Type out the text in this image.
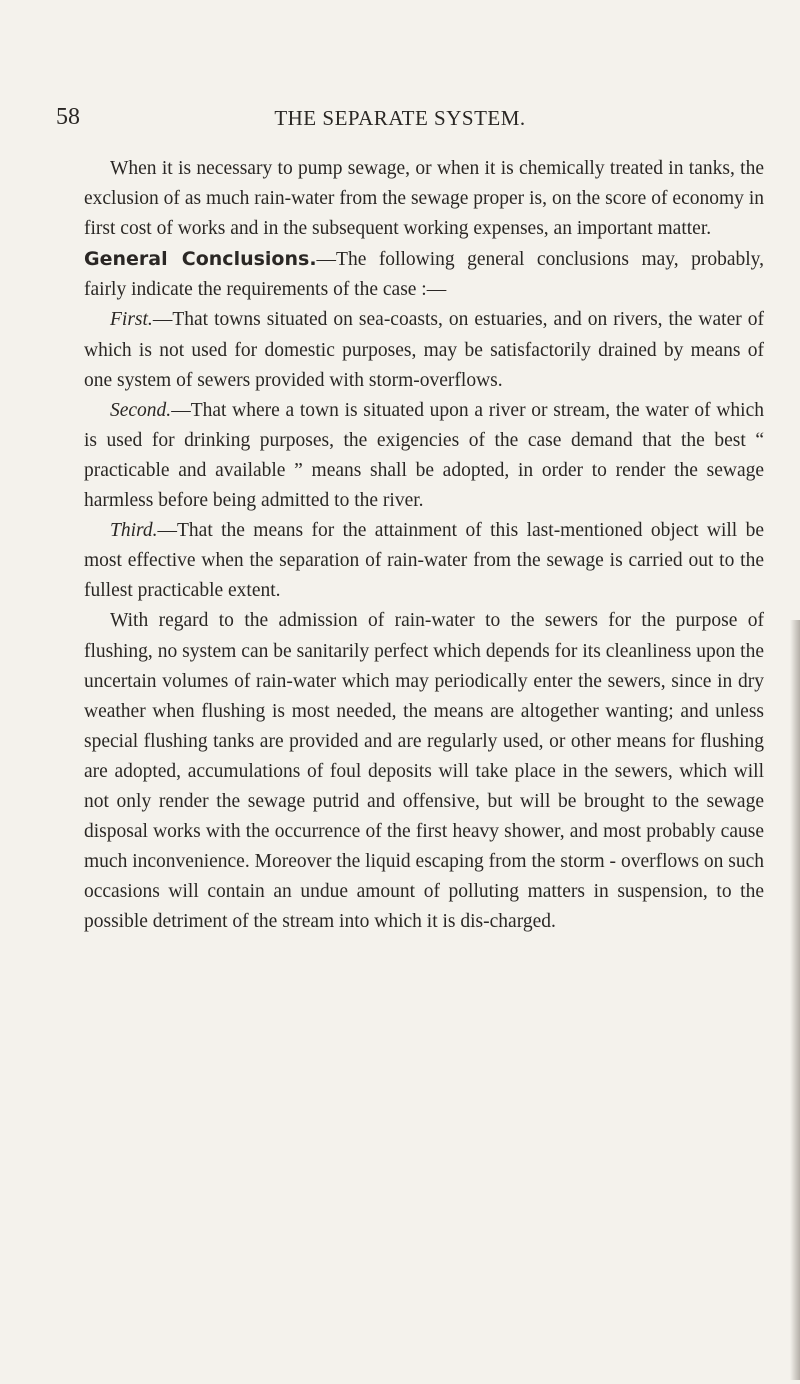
58	THE SEPARATE SYSTEM.

When it is necessary to pump sewage, or when it is chemically treated in tanks, the exclusion of as much rain-water from the sewage proper is, on the score of economy in first cost of works and in the subsequent working expenses, an important matter.

General Conclusions.—The following general conclusions may, probably, fairly indicate the requirements of the case :—

First.—That towns situated on sea-coasts, on estuaries, and on rivers, the water of which is not used for domestic purposes, may be satisfactorily drained by means of one system of sewers provided with storm-overflows.

Second.—That where a town is situated upon a river or stream, the water of which is used for drinking purposes, the exigencies of the case demand that the best “ practicable and available ” means shall be adopted, in order to render the sewage harmless before being admitted to the river.

Third.—That the means for the attainment of this last-mentioned object will be most effective when the separation of rain-water from the sewage is carried out to the fullest practicable extent.

With regard to the admission of rain-water to the sewers for the purpose of flushing, no system can be sanitarily perfect which depends for its cleanliness upon the uncertain volumes of rain-water which may periodically enter the sewers, since in dry weather when flushing is most needed, the means are altogether wanting; and unless special flushing tanks are provided and are regularly used, or other means for flushing are adopted, accumulations of foul deposits will take place in the sewers, which will not only render the sewage putrid and offensive, but will be brought to the sewage disposal works with the occurrence of the first heavy shower, and most probably cause much inconvenience. Moreover the liquid escaping from the storm - overflows on such occasions will contain an undue amount of polluting matters in suspension, to the possible detriment of the stream into which it is dis-charged.
